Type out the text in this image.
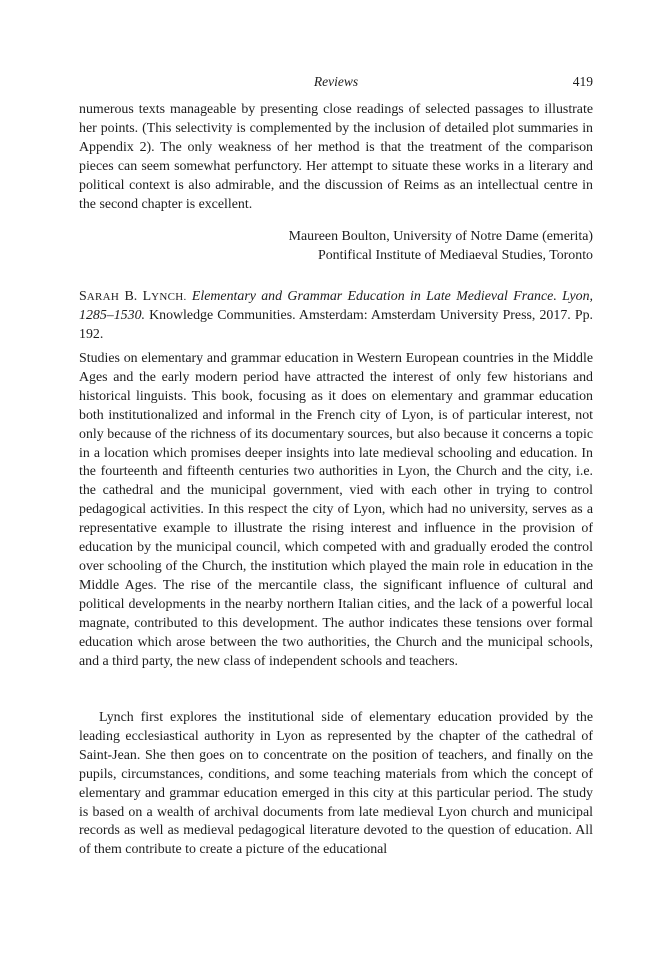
Reviews	419

numerous texts manageable by presenting close readings of selected passages to illustrate her points. (This selectivity is complemented by the inclusion of detailed plot summaries in Appendix 2). The only weakness of her method is that the treatment of the comparison pieces can seem somewhat perfunctory. Her attempt to situate these works in a literary and political context is also admirable, and the discussion of Reims as an intellectual centre in the second chapter is excellent.

Maureen Boulton, University of Notre Dame (emerita)
Pontifical Institute of Mediaeval Studies, Toronto

SARAH B. LYNCH. Elementary and Grammar Education in Late Medieval France. Lyon, 1285–1530. Knowledge Communities. Amsterdam: Amsterdam University Press, 2017. Pp. 192.

Studies on elementary and grammar education in Western European countries in the Middle Ages and the early modern period have attracted the interest of only few historians and historical linguists. This book, focusing as it does on elementary and grammar education both institutionalized and informal in the French city of Lyon, is of particular interest, not only because of the richness of its documentary sources, but also because it concerns a topic in a location which promises deeper insights into late medieval schooling and education. In the fourteenth and fifteenth centuries two authorities in Lyon, the Church and the city, i.e. the cathedral and the municipal government, vied with each other in trying to control pedagogical activities. In this respect the city of Lyon, which had no university, serves as a representative example to illustrate the rising interest and influence in the provision of education by the municipal council, which competed with and gradually eroded the control over schooling of the Church, the institution which played the main role in education in the Middle Ages. The rise of the mercantile class, the significant influence of cultural and political developments in the nearby northern Italian cities, and the lack of a powerful local magnate, contributed to this development. The author indicates these tensions over formal education which arose between the two authorities, the Church and the municipal schools, and a third party, the new class of independent schools and teachers.

Lynch first explores the institutional side of elementary education provided by the leading ecclesiastical authority in Lyon as represented by the chapter of the cathedral of Saint-Jean. She then goes on to concentrate on the position of teachers, and finally on the pupils, circumstances, conditions, and some teaching materials from which the concept of elementary and grammar education emerged in this city at this particular period. The study is based on a wealth of archival documents from late medieval Lyon church and municipal records as well as medieval pedagogical literature devoted to the question of education. All of them contribute to create a picture of the educational
